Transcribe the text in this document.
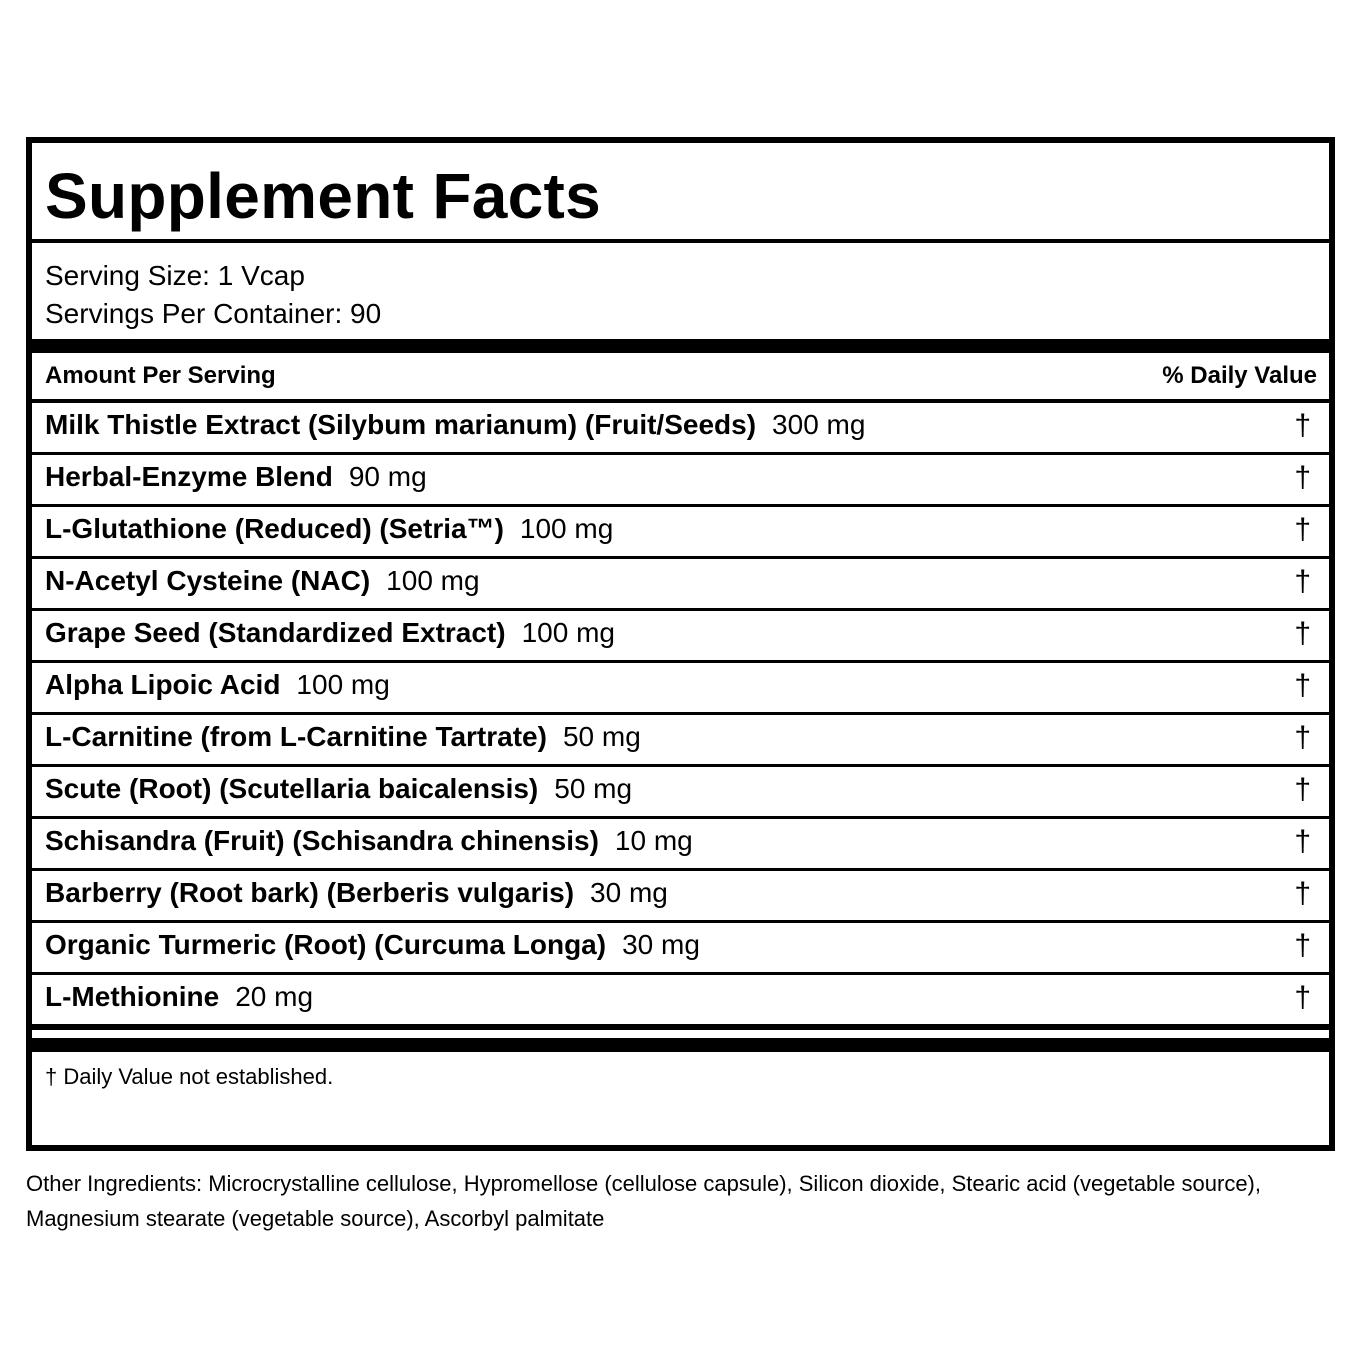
Supplement Facts
Serving Size: 1 Vcap
Servings Per Container: 90
Amount Per Serving	% Daily Value
Milk Thistle Extract (Silybum marianum) (Fruit/Seeds) 300 mg	†
Herbal-Enzyme Blend 90 mg	†
L-Glutathione (Reduced) (Setria™) 100 mg	†
N-Acetyl Cysteine (NAC) 100 mg	†
Grape Seed (Standardized Extract) 100 mg	†
Alpha Lipoic Acid 100 mg	†
L-Carnitine (from L-Carnitine Tartrate) 50 mg	†
Scute (Root) (Scutellaria baicalensis) 50 mg	†
Schisandra (Fruit) (Schisandra chinensis) 10 mg	†
Barberry (Root bark) (Berberis vulgaris) 30 mg	†
Organic Turmeric (Root) (Curcuma Longa) 30 mg	†
L-Methionine 20 mg	†
† Daily Value not established.

Other Ingredients: Microcrystalline cellulose, Hypromellose (cellulose capsule), Silicon dioxide, Stearic acid (vegetable source), Magnesium stearate (vegetable source), Ascorbyl palmitate
